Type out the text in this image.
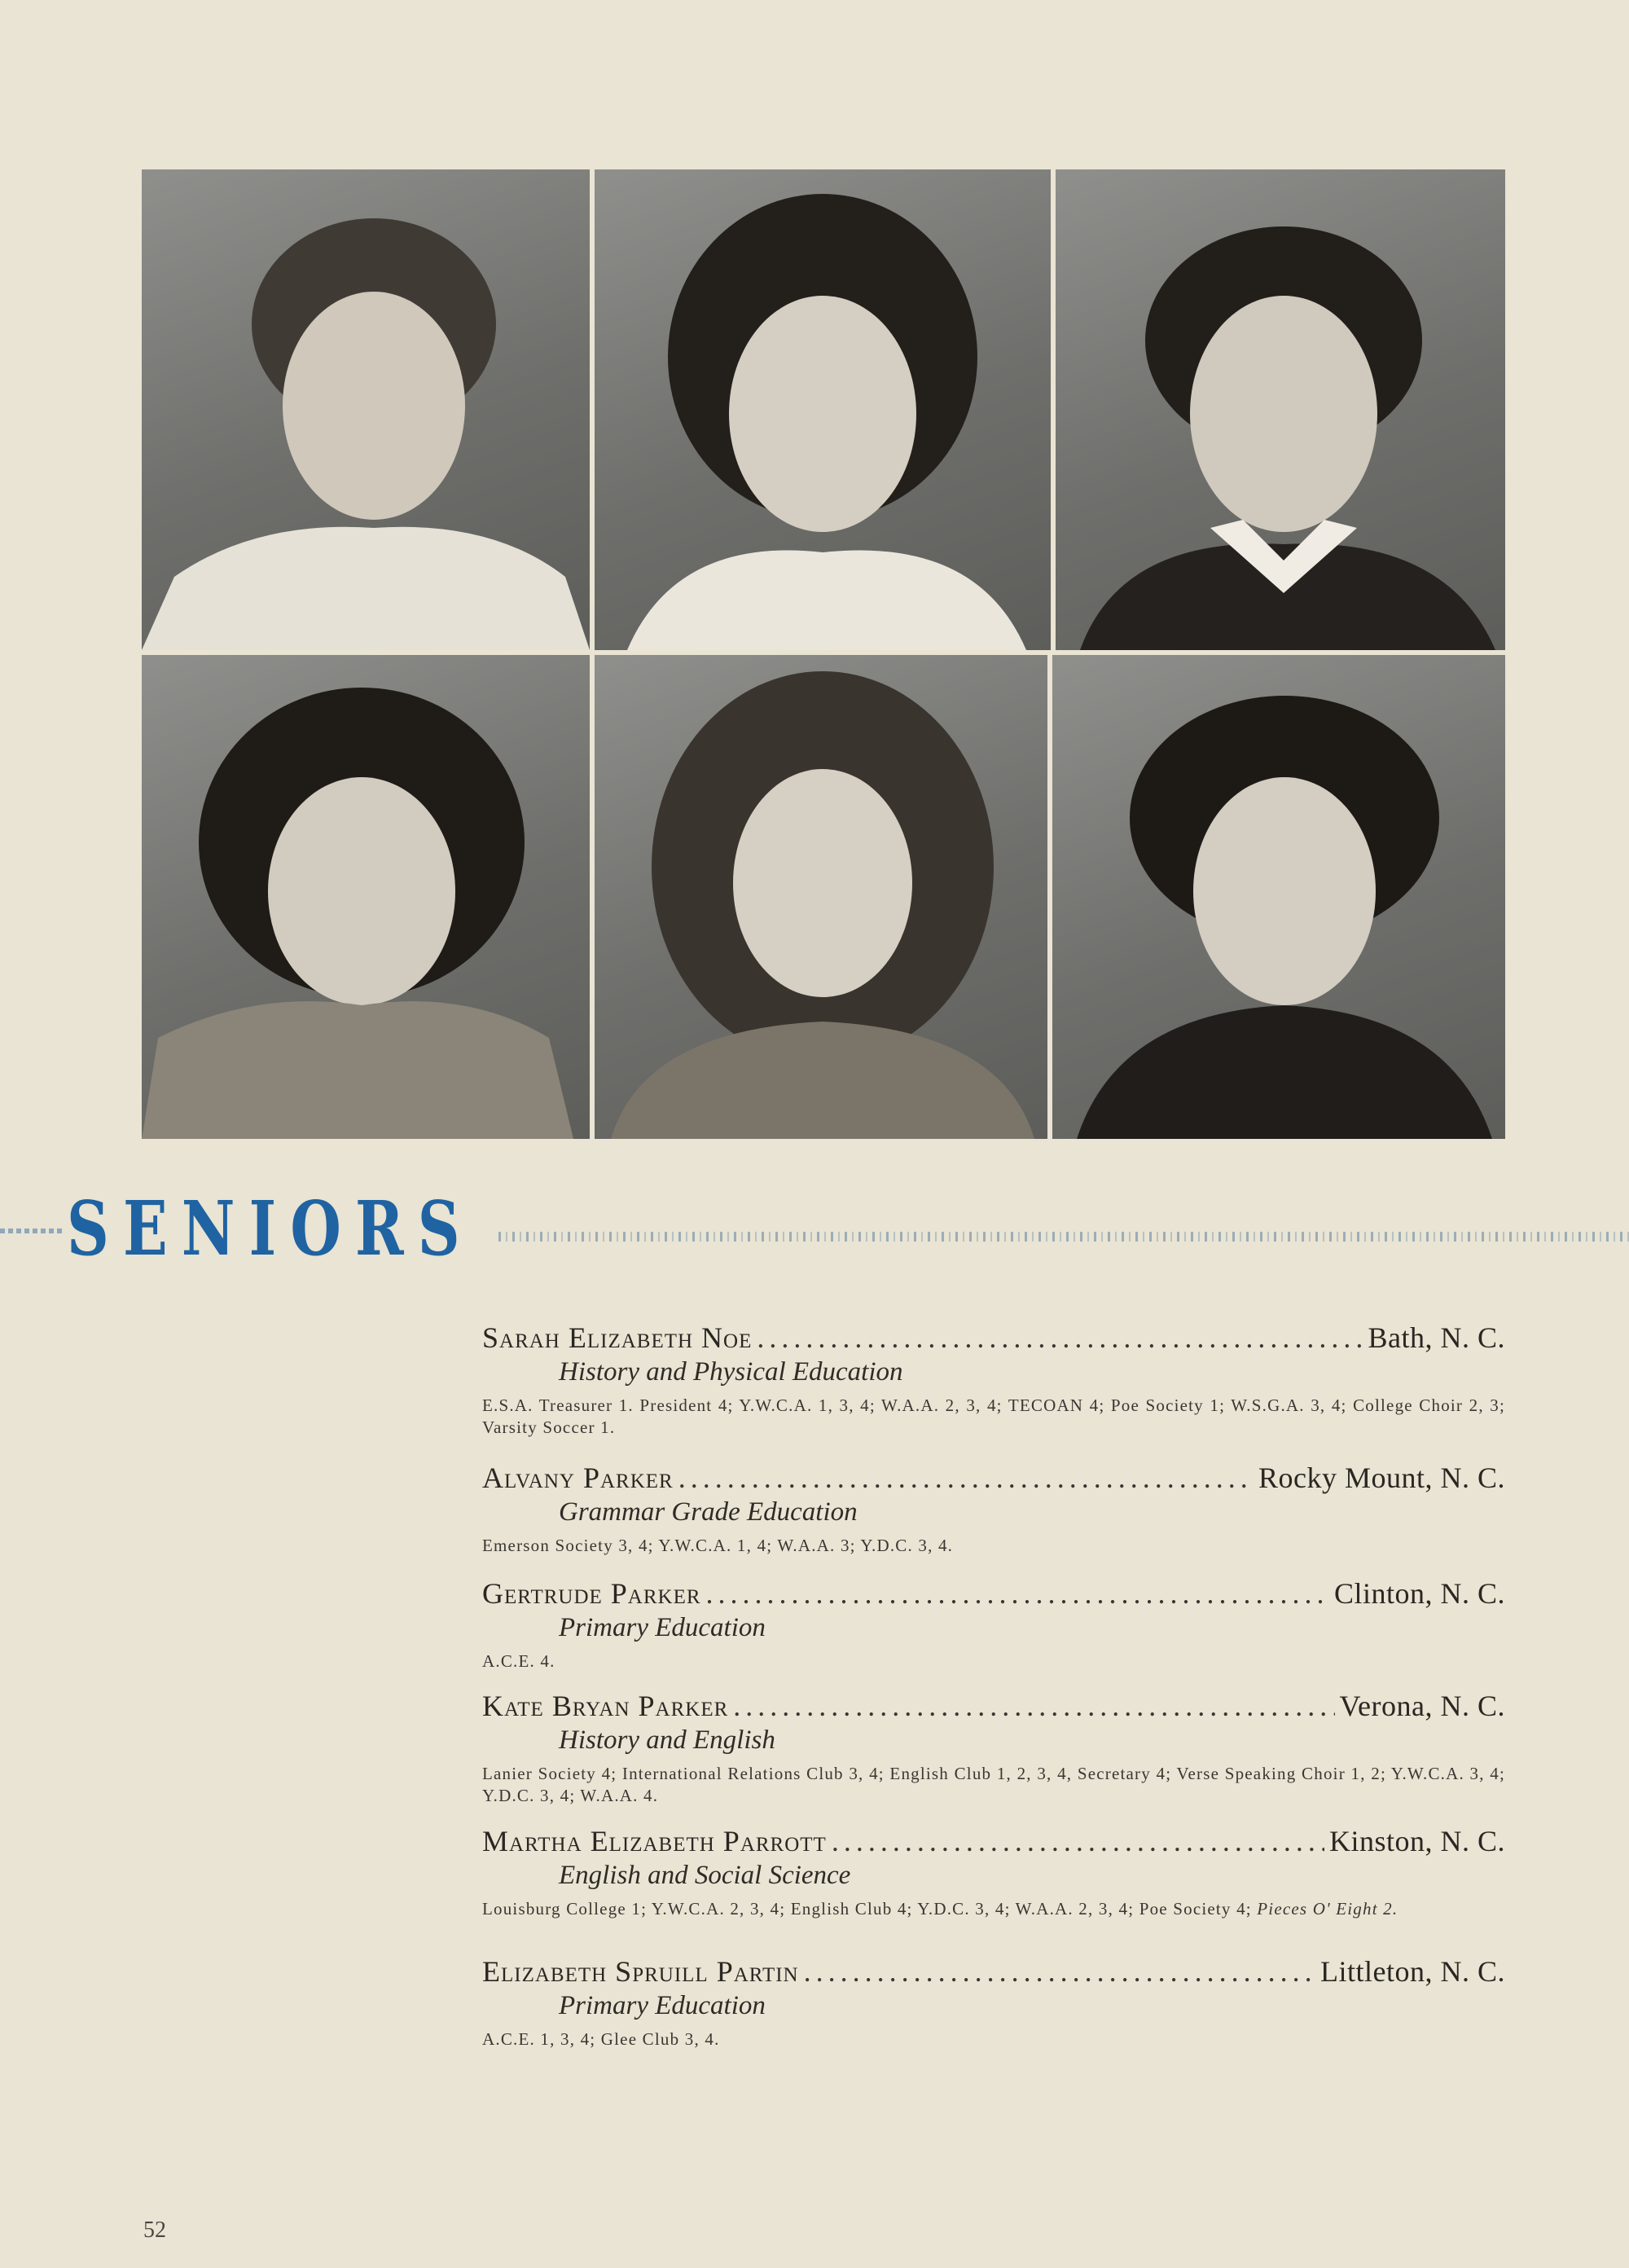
SENIORS
Sarah Elizabeth Noe .....	Bath, N. C.
History and Physical Education
E.S.A. Treasurer 1. President 4; Y.W.C.A. 1, 3, 4; W.A.A. 2, 3, 4; TECOAN 4; Poe Society 1; W.S.G.A. 3, 4; College Choir 2, 3; Varsity Soccer 1.
Alvany Parker .....	Rocky Mount, N. C.
Grammar Grade Education
Emerson Society 3, 4; Y.W.C.A. 1, 4; W.A.A. 3; Y.D.C. 3, 4.
Gertrude Parker .....	Clinton, N. C.
Primary Education
A.C.E. 4.
Kate Bryan Parker .....	Verona, N. C.
History and English
Lanier Society 4; International Relations Club 3, 4; English Club 1, 2, 3, 4, Secretary 4; Verse Speaking Choir 1, 2; Y.W.C.A. 3, 4; Y.D.C. 3, 4; W.A.A. 4.
Martha Elizabeth Parrott .....	Kinston, N. C.
English and Social Science
Louisburg College 1; Y.W.C.A. 2, 3, 4; English Club 4; Y.D.C. 3, 4; W.A.A. 2, 3, 4; Poe Society 4; Pieces O' Eight 2.
Elizabeth Spruill Partin .....	Littleton, N. C.
Primary Education
A.C.E. 1, 3, 4; Glee Club 3, 4.
52
